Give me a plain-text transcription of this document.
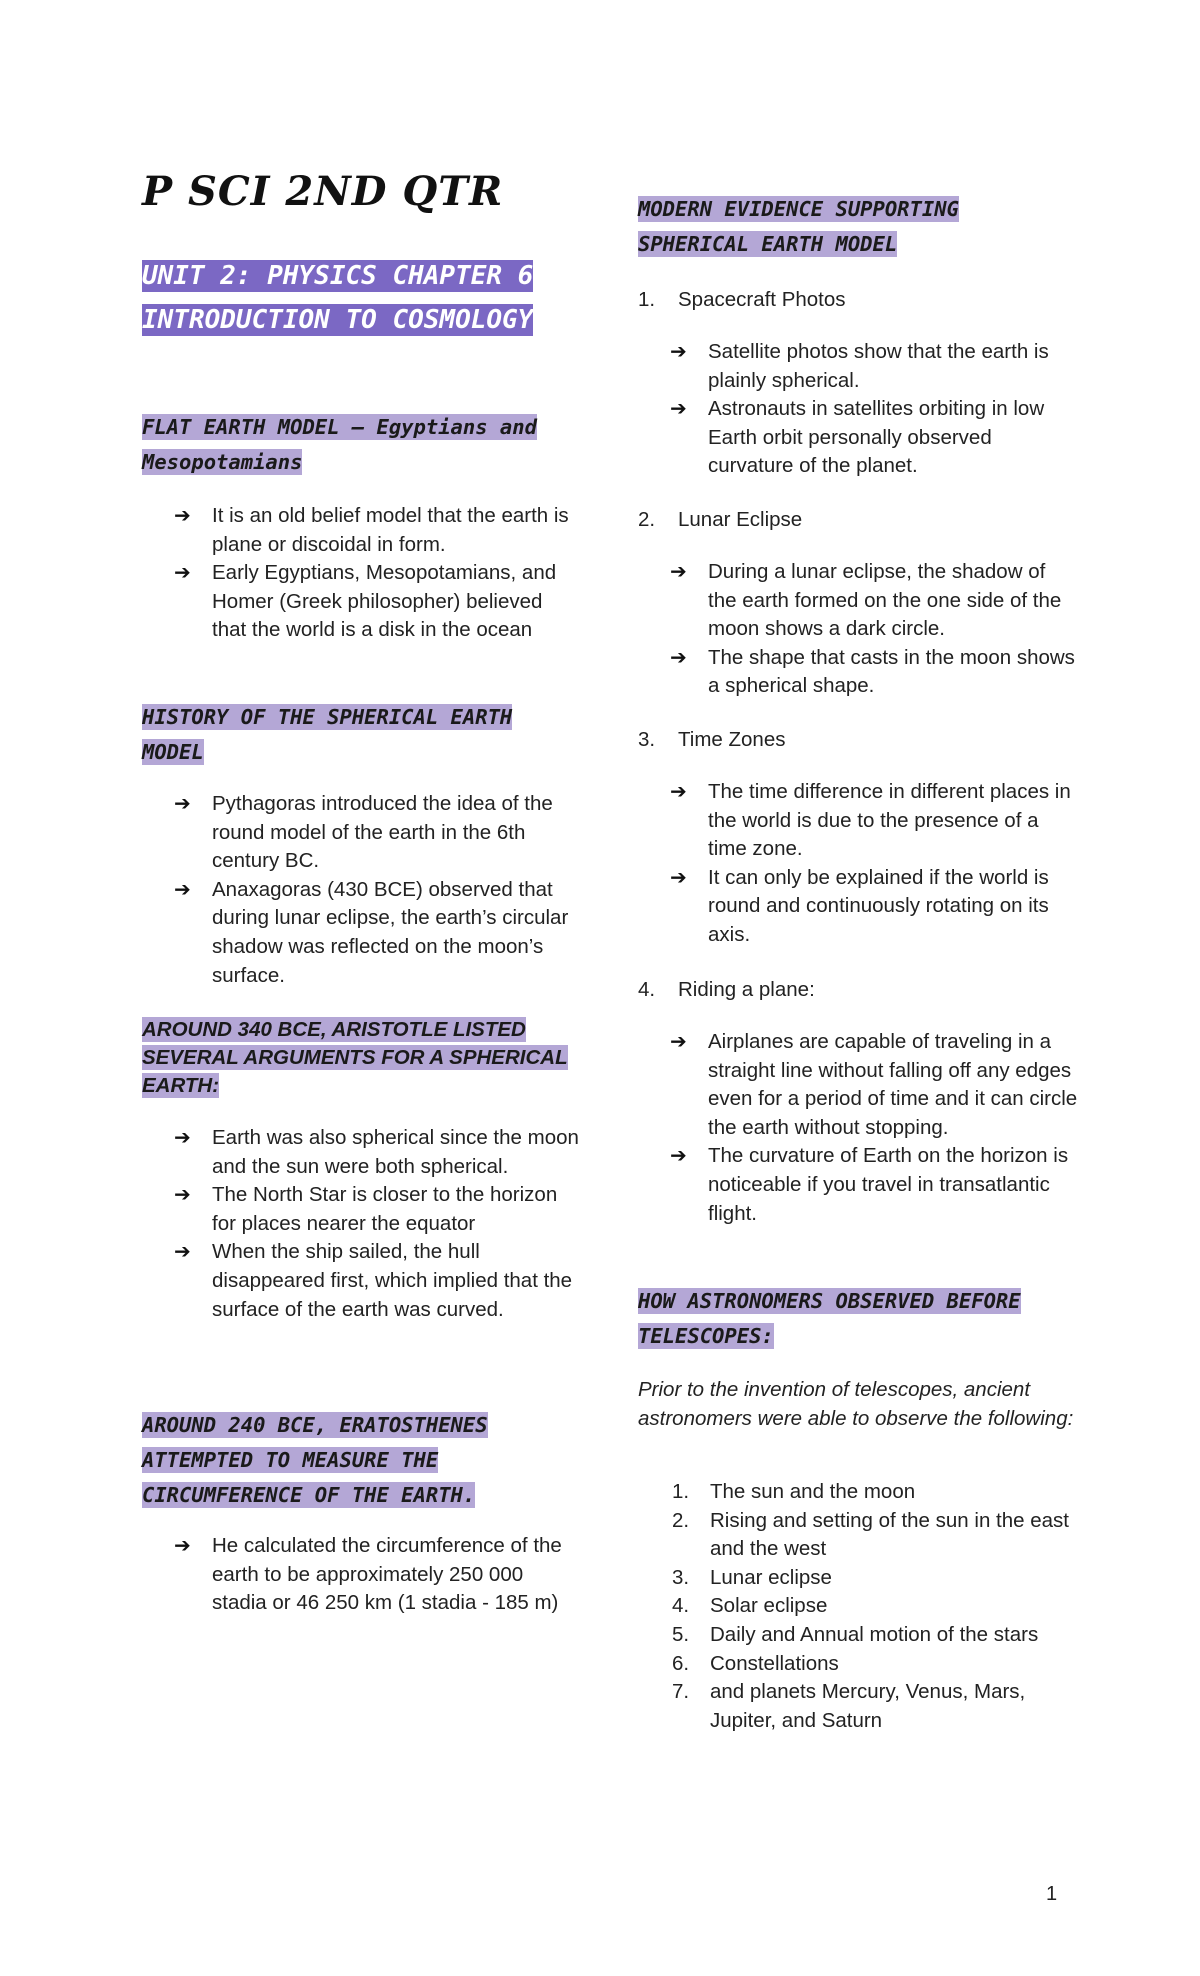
P SCI 2ND QTR
UNIT 2: PHYSICS CHAPTER 6 INTRODUCTION TO COSMOLOGY
FLAT EARTH MODEL – Egyptians and Mesopotamians
➔ It is an old belief model that the earth is plane or discoidal in form.
➔ Early Egyptians, Mesopotamians, and Homer (Greek philosopher) believed that the world is a disk in the ocean
HISTORY OF THE SPHERICAL EARTH MODEL
➔ Pythagoras introduced the idea of the round model of the earth in the 6th century BC.
➔ Anaxagoras (430 BCE) observed that during lunar eclipse, the earth’s circular shadow was reflected on the moon’s surface.
AROUND 340 BCE, ARISTOTLE LISTED SEVERAL ARGUMENTS FOR A SPHERICAL EARTH:
➔ Earth was also spherical since the moon and the sun were both spherical.
➔ The North Star is closer to the horizon for places nearer the equator
➔ When the ship sailed, the hull disappeared first, which implied that the surface of the earth was curved.
AROUND 240 BCE, ERATOSTHENES ATTEMPTED TO MEASURE THE CIRCUMFERENCE OF THE EARTH.
➔ He calculated the circumference of the earth to be approximately 250 000 stadia or 46 250 km (1 stadia - 185 m)
MODERN EVIDENCE SUPPORTING SPHERICAL EARTH MODEL

1. Spacecraft Photos

➔ Satellite photos show that the earth is plainly spherical.
➔ Astronauts in satellites orbiting in low Earth orbit personally observed curvature of the planet.

2. Lunar Eclipse

➔ During a lunar eclipse, the shadow of the earth formed on the one side of the moon shows a dark circle.
➔ The shape that casts in the moon shows a spherical shape.

3. Time Zones

➔ The time difference in different places in the world is due to the presence of a time zone.
➔ It can only be explained if the world is round and continuously rotating on its axis.

4. Riding a plane:

➔ Airplanes are capable of traveling in a straight line without falling off any edges even for a period of time and it can circle the earth without stopping.
➔ The curvature of Earth on the horizon is noticeable if you travel in transatlantic flight.
HOW ASTRONOMERS OBSERVED BEFORE TELESCOPES:

Prior to the invention of telescopes, ancient astronomers were able to observe the following:

1. The sun and the moon
2. Rising and setting of the sun in the east and the west
3. Lunar eclipse
4. Solar eclipse
5. Daily and Annual motion of the stars
6. Constellations
7. and planets Mercury, Venus, Mars, Jupiter, and Saturn
1
